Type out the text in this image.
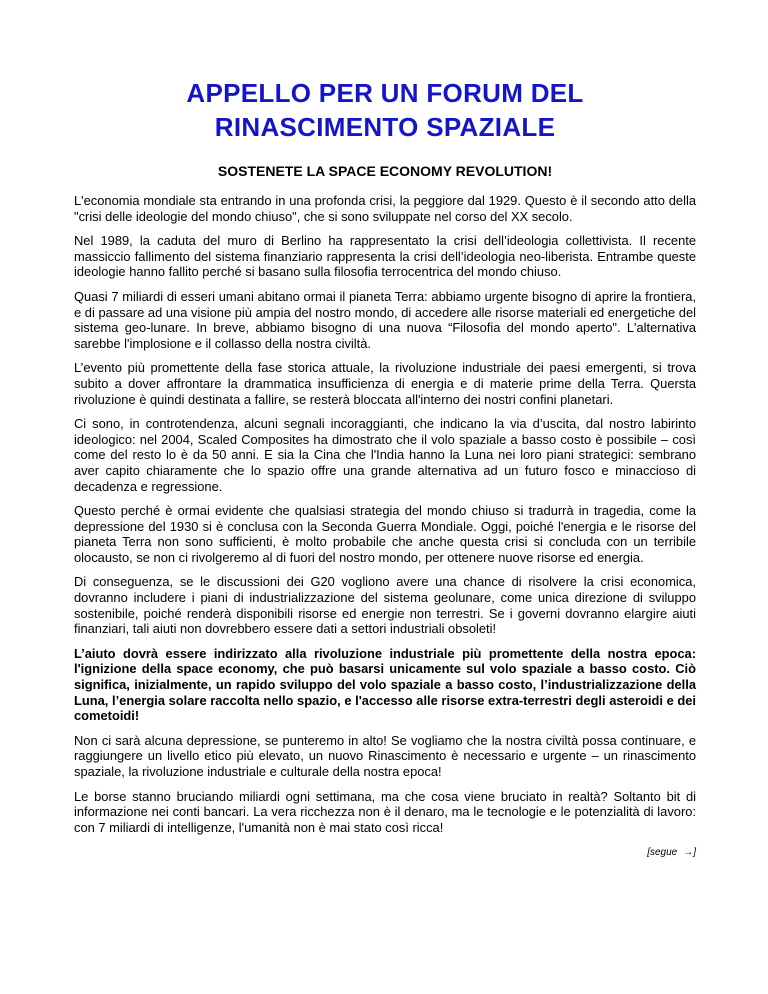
APPELLO PER UN FORUM DEL
RINASCIMENTO SPAZIALE
SOSTENETE LA SPACE ECONOMY REVOLUTION!

L'economia mondiale sta entrando in una profonda crisi, la peggiore dal 1929. Questo è il secondo atto della "crisi delle ideologie del mondo chiuso", che si sono sviluppate nel corso del XX secolo.

Nel 1989, la caduta del muro di Berlino ha rappresentato la crisi dell’ideologia collettivista. Il recente massiccio fallimento del sistema finanziario rappresenta la crisi dell’ideologia neo-liberista. Entrambe queste ideologie hanno fallito perché si basano sulla filosofia terrocentrica del mondo chiuso.

Quasi 7 miliardi di esseri umani abitano ormai il pianeta Terra: abbiamo urgente bisogno di aprire la frontiera, e di passare ad una visione più ampia del nostro mondo, di accedere alle risorse materiali ed energetiche del sistema geo-lunare. In breve, abbiamo bisogno di una nuova “Filosofia del mondo aperto". L'alternativa sarebbe l'implosione e il collasso della nostra civiltà.

L’evento più promettente della fase storica attuale, la rivoluzione industriale dei paesi emergenti, si trova subito a dover affrontare la drammatica insufficienza di energia e di materie prime della Terra. Quersta rivoluzione è quindi destinata a fallire, se resterà bloccata all'interno dei nostri confini planetari.

Ci sono, in controtendenza, alcuni segnali incoraggianti, che indicano la via d’uscita, dal nostro labirinto ideologico: nel 2004, Scaled Composites ha dimostrato che il volo spaziale a basso costo è possibile – così come del resto lo è da 50 anni. E sia la Cina che l'India hanno la Luna nei loro piani strategici: sembrano aver capito chiaramente che lo spazio offre una grande alternativa ad un futuro fosco e minaccioso di decadenza e regressione.

Questo perché è ormai evidente che qualsiasi strategia del mondo chiuso si tradurrà in tragedia, come la depressione del 1930 si è conclusa con la Seconda Guerra Mondiale. Oggi, poiché l'energia e le risorse del pianeta Terra non sono sufficienti, è molto probabile che anche questa crisi si concluda con un terribile olocausto, se non ci rivolgeremo al di fuori del nostro mondo, per ottenere nuove risorse ed energia.

Di conseguenza, se le discussioni dei G20 vogliono avere una chance di risolvere la crisi economica, dovranno includere i piani di industrializzazione del sistema geolunare, come unica direzione di sviluppo sostenibile, poiché renderà disponibili risorse ed energie non terrestri. Se i governi dovranno elargire aiuti finanziari, tali aiuti non dovrebbero essere dati a settori industriali obsoleti!

L’aiuto dovrà essere indirizzato alla rivoluzione industriale più promettente della nostra epoca: l'ignizione della space economy, che può basarsi unicamente sul volo spaziale a basso costo. Ciò significa, inizialmente, un rapido sviluppo del volo spaziale a basso costo, l’industrializzazione della Luna, l’energia solare raccolta nello spazio, e l'accesso alle risorse extra-terrestri degli asteroidi e dei cometoidi!

Non ci sarà alcuna depressione, se punteremo in alto! Se vogliamo che la nostra civiltà possa continuare, e raggiungere un livello etico più elevato, un nuovo Rinascimento è necessario e urgente – un rinascimento spaziale, la rivoluzione industriale e culturale della nostra epoca!

Le borse stanno bruciando miliardi ogni settimana, ma che cosa viene bruciato in realtà? Soltanto bit di informazione nei conti bancari. La vera ricchezza non è il denaro, ma le tecnologie e le potenzialità di lavoro: con 7 miliardi di intelligenze, l'umanità non è mai stato così ricca!

[segue →]
